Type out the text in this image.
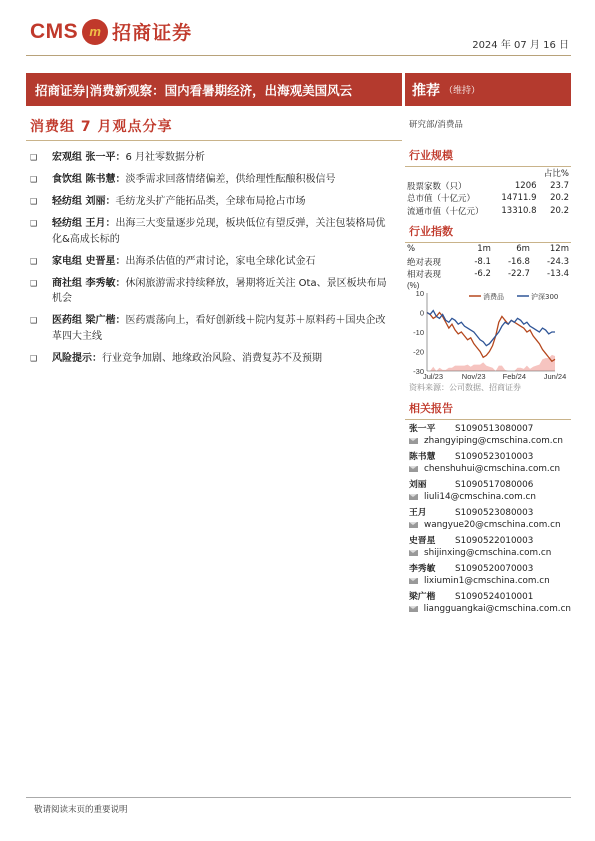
CMS m 招商证券
2024 年 07 月 16 日
招商证券|消费新观察：国内看暑期经济，出海观美国风云	推荐 （维持）
消费组 7 月观点分享
❑	宏观组 张一平：6 月社零数据分析
❑	食饮组 陈书慧：淡季需求回落情绪偏差，供给理性酝酿积极信号
❑	轻纺组 刘丽：毛纺龙头扩产能拓品类，全球布局抢占市场
❑	轻纺组 王月：出海三大变量逐步兑现，板块低位有望反弹，关注包装格局优化&高成长标的
❑	家电组 史晋星：出海杀估值的严肃讨论，家电全球化试金石
❑	商社组 李秀敏：休闲旅游需求持续释放，暑期将近关注 Ota、景区板块布局机会
❑	医药组 梁广楷：医药震荡向上，看好创新线＋院内复苏＋原料药＋国央企改革四大主线
❑	风险提示：行业竞争加剧、地缘政治风险、消费复苏不及预期
研究部/消费品
行业规模
		占比%
股票家数（只）	1206	23.7
总市值（十亿元）	14711.9	20.2
流通市值（十亿元）	13310.8	20.2
行业指数
%	1m	6m	12m
绝对表现	-8.1	-16.8	-24.3
相对表现	-6.2	-22.7	-13.4
(%)
10
0
-10
-20
-30
Jul/23	Nov/23 Feb/24 Jun/24
消费品	沪深300
资料来源：公司数据、招商证券
相关报告
张一平	S1090513080007
zhangyiping@cmschina.com.cn
陈书慧	S1090523010003
chenshuhui@cmschina.com.cn
刘丽	S1090517080006
liuli14@cmschina.com.cn
王月	S1090523080003
wangyue20@cmschina.com.cn
史晋星	S1090522010003
shijinxing@cmschina.com.cn
李秀敏	S1090520070003
lixiumin1@cmschina.com.cn
梁广楷	S1090524010001
liangguangkai@cmschina.com.cn
敬请阅读末页的重要说明
